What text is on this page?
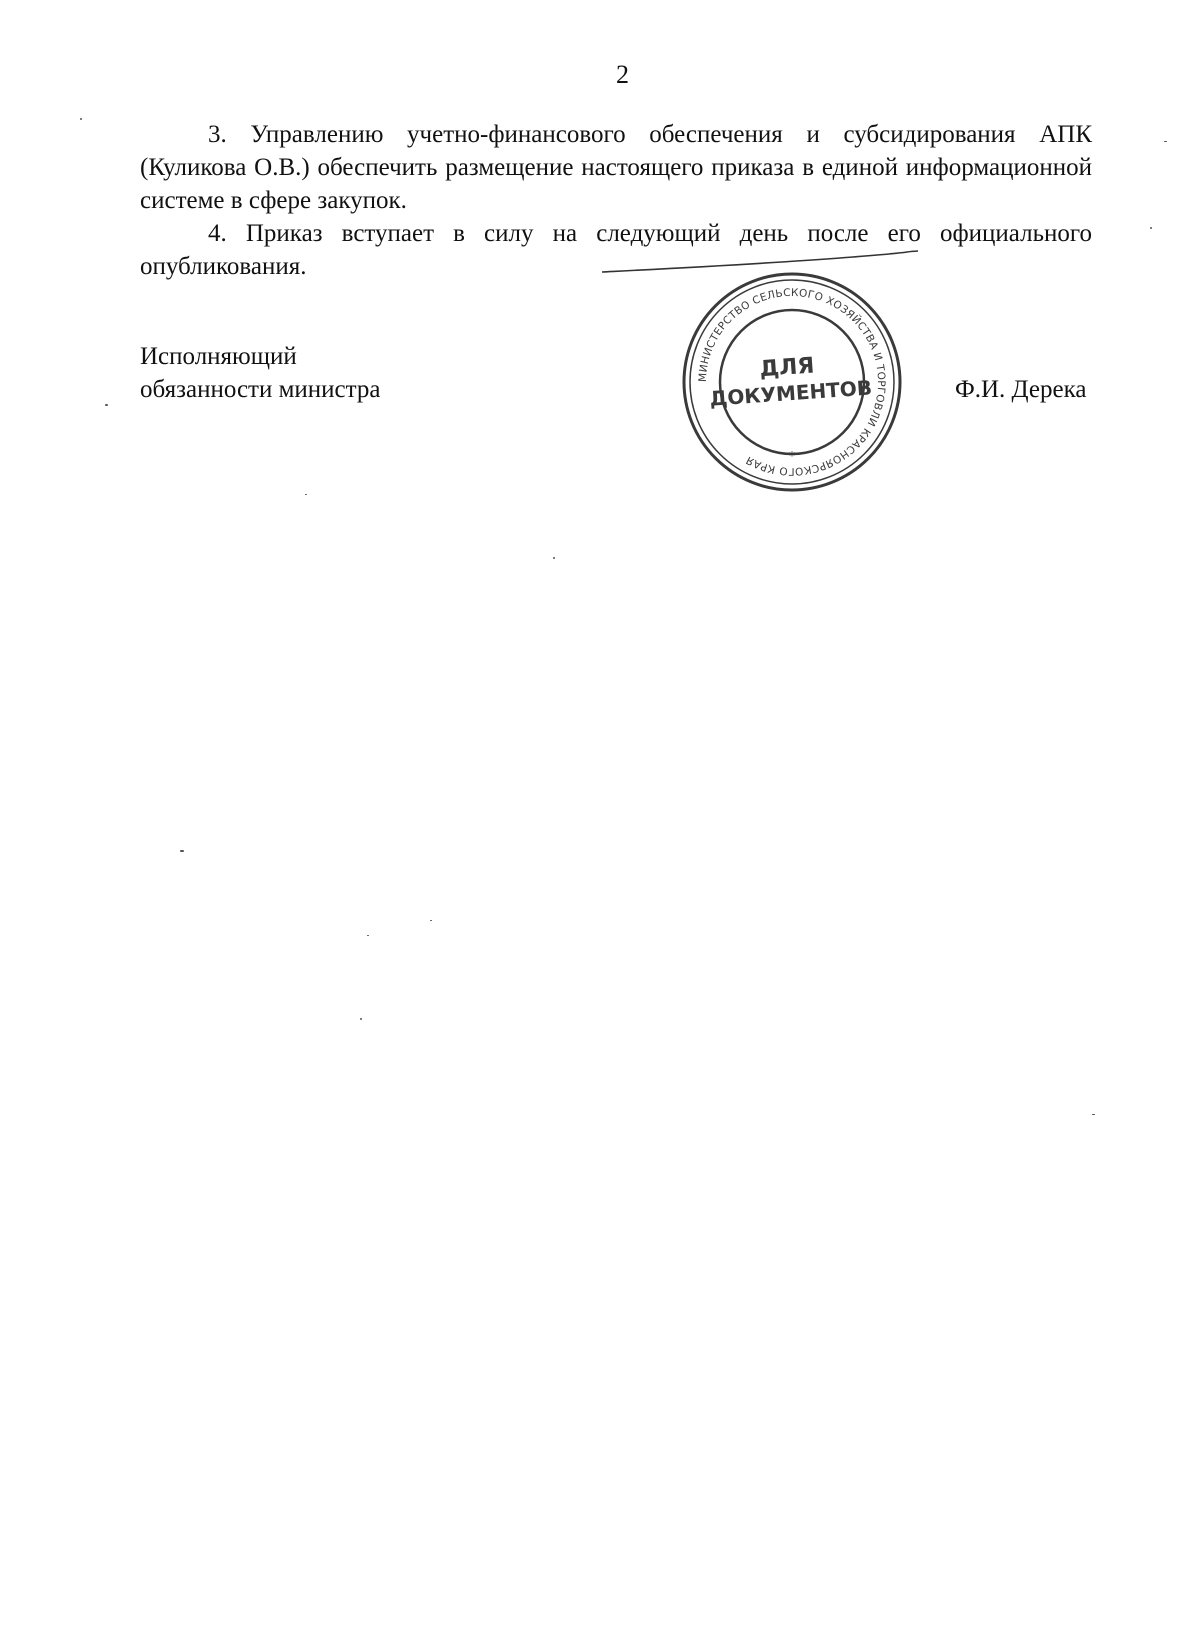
2

3. Управлению учетно-финансового обеспечения и субсидирования АПК (Куликова О.В.) обеспечить размещение настоящего приказа в единой информационной системе в сфере закупок.

4. Приказ вступает в силу на следующий день после его официального опубликования.

Исполняющий
обязанности министра	Ф.И. Дерека
МИНИСТЕРСТВО СЕЛЬСКОГО ХОЗЯЙСТВА И ТОРГОВЛИ КРАСНОЯРСКОГО КРАЯ
ДЛЯ
ДОКУМЕНТОВ
*
